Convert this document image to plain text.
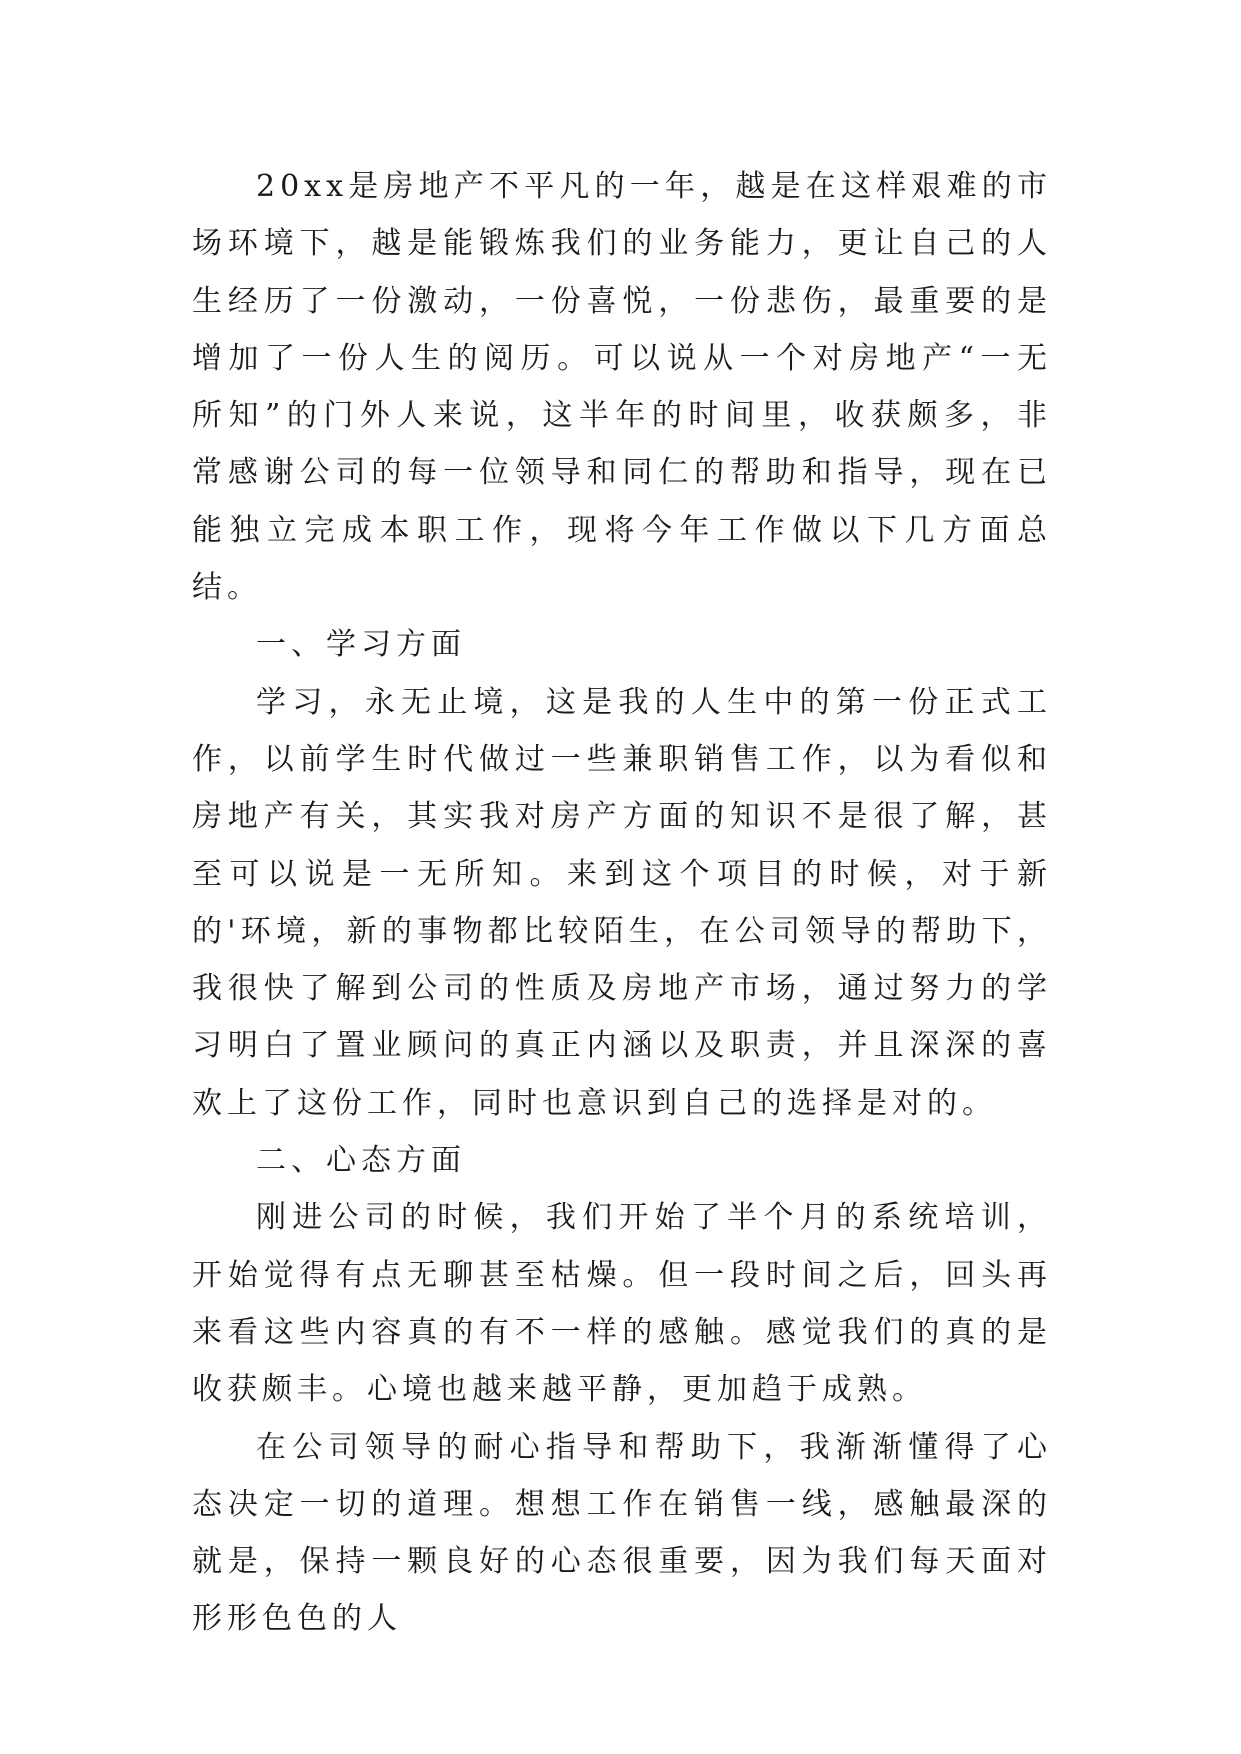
20xx是房地产不平凡的一年，越是在这样艰难的市场环境下，越是能锻炼我们的业务能力，更让自己的人生经历了一份激动，一份喜悦，一份悲伤，最重要的是增加了一份人生的阅历。可以说从一个对房地产“一无所知”的门外人来说，这半年的时间里，收获颇多，非常感谢公司的每一位领导和同仁的帮助和指导，现在已能独立完成本职工作，现将今年工作做以下几方面总结。

一、学习方面

学习，永无止境，这是我的人生中的第一份正式工作，以前学生时代做过一些兼职销售工作，以为看似和房地产有关，其实我对房产方面的知识不是很了解，甚至可以说是一无所知。来到这个项目的时候，对于新的'环境，新的事物都比较陌生，在公司领导的帮助下，我很快了解到公司的性质及房地产市场，通过努力的学习明白了置业顾问的真正内涵以及职责，并且深深的喜欢上了这份工作，同时也意识到自己的选择是对的。

二、心态方面

刚进公司的时候，我们开始了半个月的系统培训，开始觉得有点无聊甚至枯燥。但一段时间之后，回头再来看这些内容真的有不一样的感触。感觉我们的真的是收获颇丰。心境也越来越平静，更加趋于成熟。

在公司领导的耐心指导和帮助下，我渐渐懂得了心态决定一切的道理。想想工作在销售一线，感触最深的就是，保持一颗良好的心态很重要，因为我们每天面对形形色色的人
